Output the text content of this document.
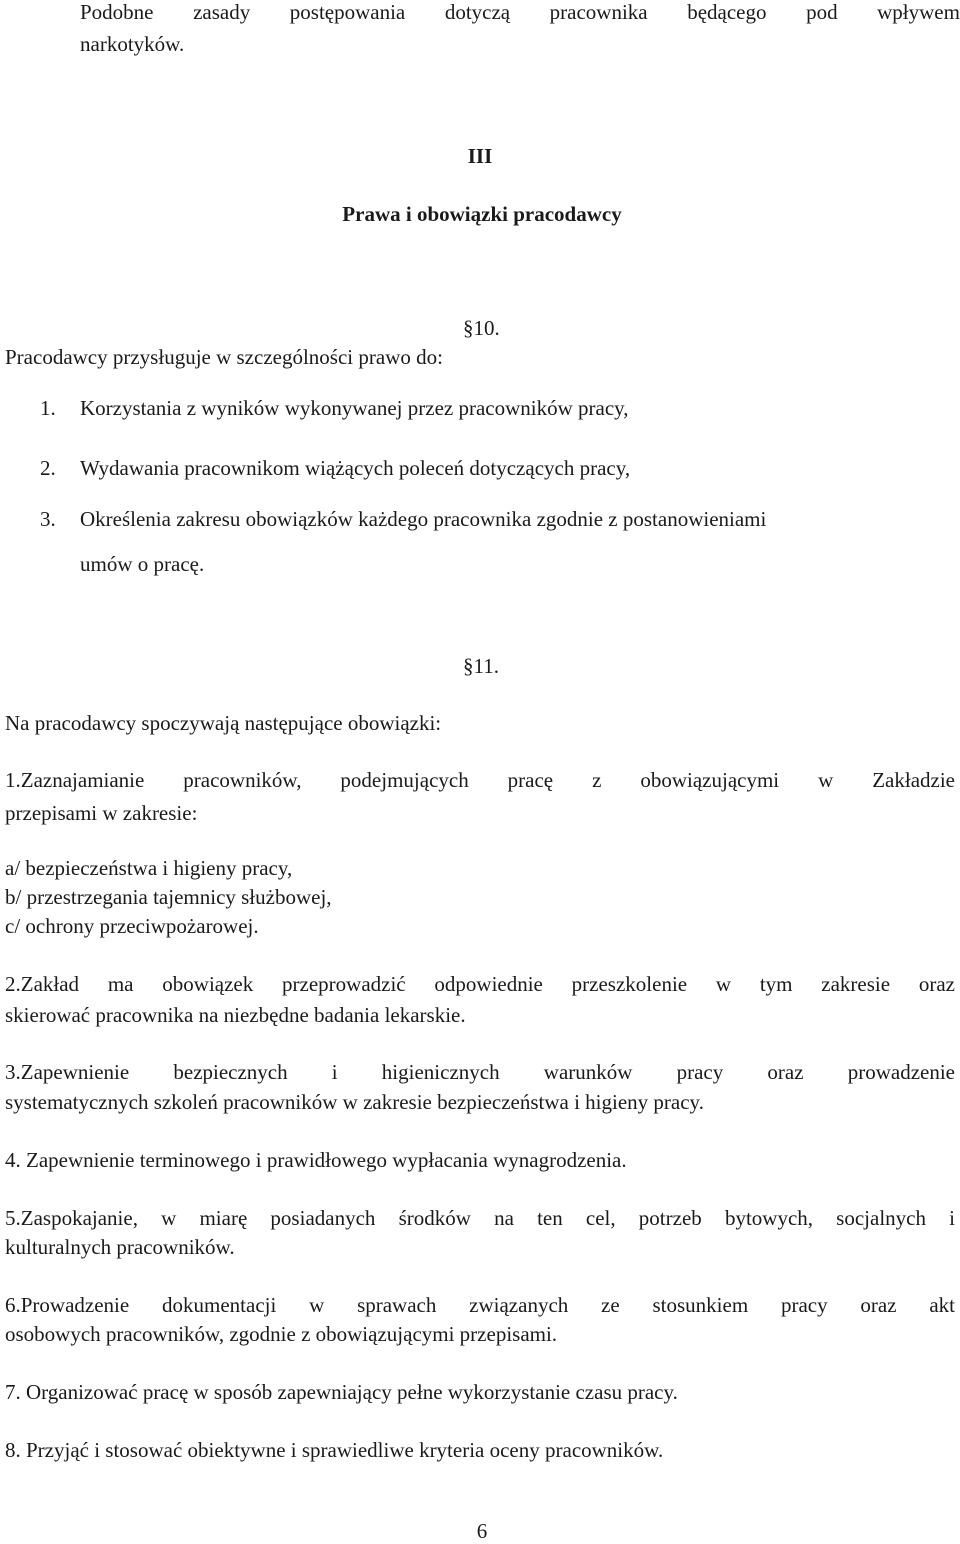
Podobne zasady postępowania dotyczą pracownika będącego pod wpływem
narkotyków.
III
Prawa i obowiązki pracodawcy
§10.
Pracodawcy przysługuje w szczególności prawo do:
1. Korzystania z wyników wykonywanej przez pracowników pracy,
2. Wydawania pracownikom wiążących poleceń dotyczących pracy,
3. Określenia zakresu obowiązków każdego pracownika zgodnie z postanowieniami
umów o pracę.
§11.
Na pracodawcy spoczywają następujące obowiązki:
1.Zaznajamianie pracowników, podejmujących pracę z obowiązującymi w Zakładzie
przepisami w zakresie:
a/ bezpieczeństwa i higieny pracy,
b/ przestrzegania tajemnicy służbowej,
c/ ochrony przeciwpożarowej.
2.Zakład ma obowiązek przeprowadzić odpowiednie przeszkolenie w tym zakresie oraz
skierować pracownika na niezbędne badania lekarskie.
3.Zapewnienie bezpiecznych i higienicznych warunków pracy oraz prowadzenie
systematycznych szkoleń pracowników w zakresie bezpieczeństwa i higieny pracy.
4. Zapewnienie terminowego i prawidłowego wypłacania wynagrodzenia.
5.Zaspokajanie, w miarę posiadanych środków na ten cel, potrzeb bytowych, socjalnych i
kulturalnych pracowników.
6.Prowadzenie dokumentacji w sprawach związanych ze stosunkiem pracy oraz akt
osobowych pracowników, zgodnie z obowiązującymi przepisami.
7. Organizować pracę w sposób zapewniający pełne wykorzystanie czasu pracy.
8. Przyjąć i stosować obiektywne i sprawiedliwe kryteria oceny pracowników.
6
